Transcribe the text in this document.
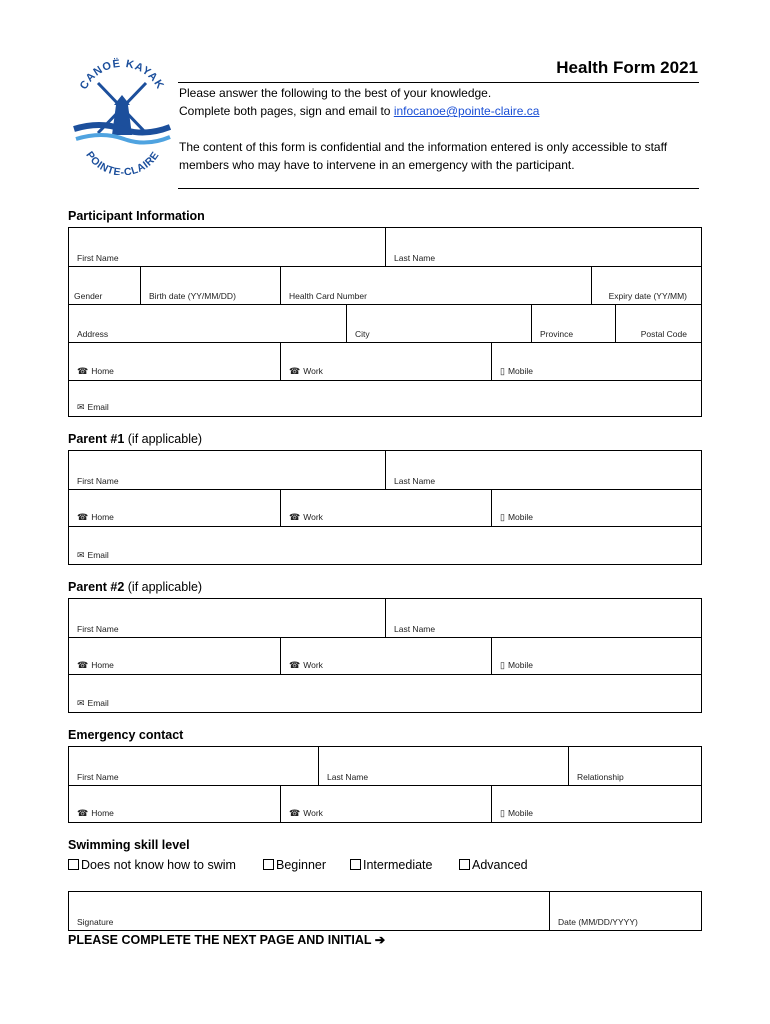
CANOË KAYAK
POINTE-CLAIRE
Health Form 2021
Please answer the following to the best of your knowledge.
Complete both pages, sign and email to infocanoe@pointe-claire.ca
The content of this form is confidential and the information entered is only accessible to staff
members who may have to intervene in an emergency with the participant.
Participant Information
First Name	Last Name
Gender	Birth date (YY/MM/DD)	Health Card Number	Expiry date (YY/MM)
Address	City	Province	Postal Code
☎ Home	☎ Work	▯ Mobile
✉ Email
Parent #1 (if applicable)
First Name	Last Name
☎ Home	☎ Work	▯ Mobile
✉ Email
Parent #2 (if applicable)
First Name	Last Name
☎ Home	☎ Work	▯ Mobile
✉ Email
Emergency contact
First Name	Last Name	Relationship
☎ Home	☎ Work	▯ Mobile
Swimming skill level
Does not know how to swim	Beginner	Intermediate	Advanced
Signature	Date (MM/DD/YYYY)
PLEASE COMPLETE THE NEXT PAGE AND INITIAL ➔
